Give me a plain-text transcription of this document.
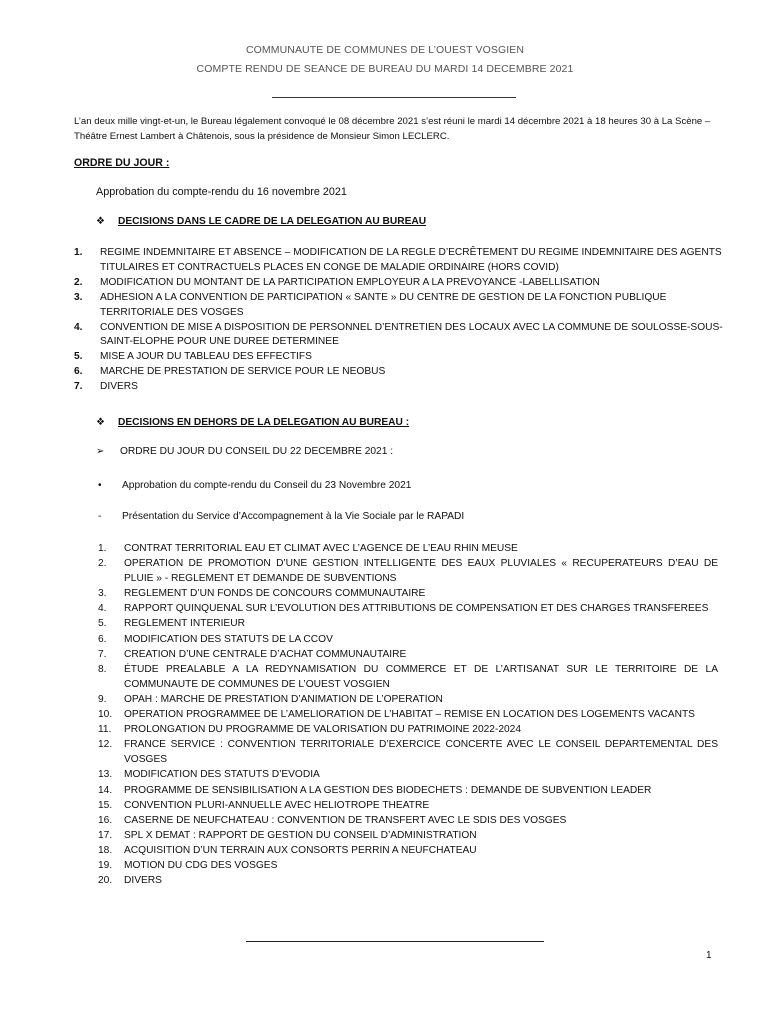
COMMUNAUTE DE COMMUNES DE L’OUEST VOSGIEN
COMPTE RENDU DE SEANCE DE BUREAU DU MARDI 14 DECEMBRE 2021
L’an deux mille vingt-et-un, le Bureau légalement convoqué le 08 décembre 2021 s’est réuni le mardi 14 décembre 2021 à 18 heures 30 à La Scène – Théâtre Ernest Lambert à Châtenois, sous la présidence de Monsieur Simon LECLERC.
ORDRE DU JOUR :
Approbation du compte-rendu du 16 novembre 2021
❖ DECISIONS DANS LE CADRE DE LA DELEGATION AU BUREAU
1. REGIME INDEMNITAIRE ET ABSENCE – MODIFICATION DE LA REGLE D’ECRÊTEMENT DU REGIME INDEMNITAIRE DES AGENTS TITULAIRES ET CONTRACTUELS PLACES EN CONGE DE MALADIE ORDINAIRE (HORS COVID)
2. MODIFICATION DU MONTANT DE LA PARTICIPATION EMPLOYEUR A LA PREVOYANCE -LABELLISATION
3. ADHESION A LA CONVENTION DE PARTICIPATION « SANTE » DU CENTRE DE GESTION DE LA FONCTION PUBLIQUE TERRITORIALE DES VOSGES
4. CONVENTION DE MISE A DISPOSITION DE PERSONNEL D’ENTRETIEN DES LOCAUX AVEC LA COMMUNE DE SOULOSSE-SOUS-SAINT-ELOPHE POUR UNE DUREE DETERMINEE
5. MISE A JOUR DU TABLEAU DES EFFECTIFS
6. MARCHE DE PRESTATION DE SERVICE POUR LE NEOBUS
7. DIVERS
❖ DECISIONS EN DEHORS DE LA DELEGATION AU BUREAU :
➢ ORDRE DU JOUR DU CONSEIL DU 22 DECEMBRE 2021 :
• Approbation du compte-rendu du Conseil du 23 Novembre 2021
- Présentation du Service d’Accompagnement à la Vie Sociale par le RAPADI
1. CONTRAT TERRITORIAL EAU ET CLIMAT AVEC L’AGENCE DE L’EAU RHIN MEUSE
2. OPERATION DE PROMOTION D’UNE GESTION INTELLIGENTE DES EAUX PLUVIALES « RECUPERATEURS D’EAU DE PLUIE » - REGLEMENT ET DEMANDE DE SUBVENTIONS
3. REGLEMENT D’UN FONDS DE CONCOURS COMMUNAUTAIRE
4. RAPPORT QUINQUENAL SUR L’EVOLUTION DES ATTRIBUTIONS DE COMPENSATION ET DES CHARGES TRANSFEREES
5. REGLEMENT INTERIEUR
6. MODIFICATION DES STATUTS DE LA CCOV
7. CREATION D’UNE CENTRALE D’ACHAT COMMUNAUTAIRE
8. ÉTUDE PREALABLE A LA REDYNAMISATION DU COMMERCE ET DE L’ARTISANAT SUR LE TERRITOIRE DE LA COMMUNAUTE DE COMMUNES DE L’OUEST VOSGIEN
9. OPAH : MARCHE DE PRESTATION D’ANIMATION DE L’OPERATION
10. OPERATION PROGRAMMEE DE L’AMELIORATION DE L’HABITAT – REMISE EN LOCATION DES LOGEMENTS VACANTS
11. PROLONGATION DU PROGRAMME DE VALORISATION DU PATRIMOINE 2022-2024
12. FRANCE SERVICE : CONVENTION TERRITORIALE D’EXERCICE CONCERTE AVEC LE CONSEIL DEPARTEMENTAL DES VOSGES
13. MODIFICATION DES STATUTS D’EVODIA
14. PROGRAMME DE SENSIBILISATION A LA GESTION DES BIODECHETS : DEMANDE DE SUBVENTION LEADER
15. CONVENTION PLURI-ANNUELLE AVEC HELIOTROPE THEATRE
16. CASERNE DE NEUFCHATEAU : CONVENTION DE TRANSFERT AVEC LE SDIS DES VOSGES
17. SPL X DEMAT : RAPPORT DE GESTION DU CONSEIL D’ADMINISTRATION
18. ACQUISITION D’UN TERRAIN AUX CONSORTS PERRIN A NEUFCHATEAU
19. MOTION DU CDG DES VOSGES
20. DIVERS
1
